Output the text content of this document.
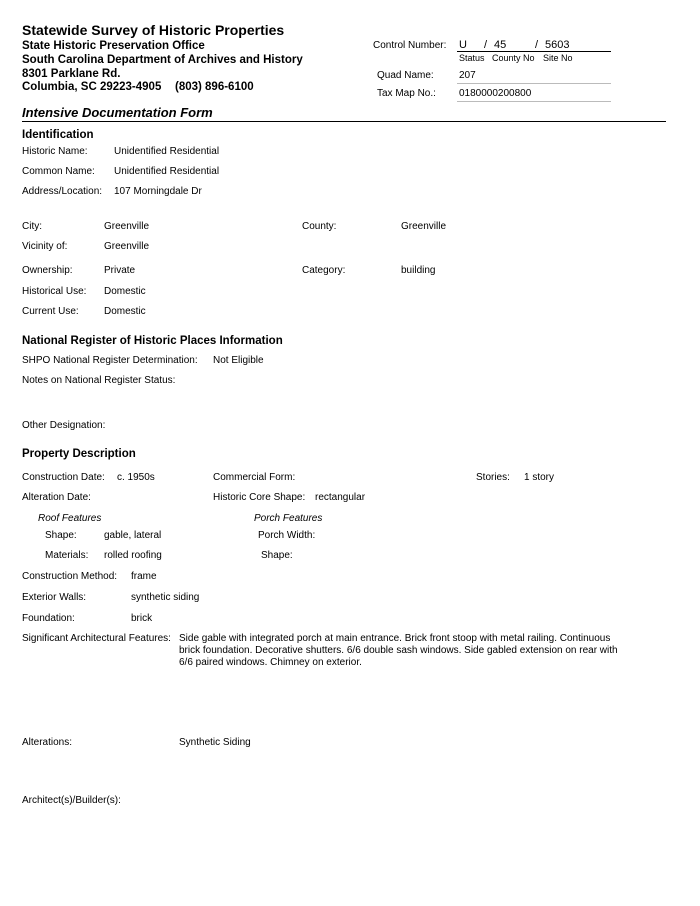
Statewide Survey of Historic Properties
State Historic Preservation Office
South Carolina Department of Archives and History
8301 Parklane Rd.
Columbia, SC 29223-4905 (803) 896-6100
Control Number: U / 45	/ 5603
Status County No Site No
Quad Name:	207
Tax Map No.: 0180000200800
Intensive Documentation Form
Identification
Historic Name:	Unidentified Residential
Common Name: Unidentified Residential
Address/Location: 107 Morningdale Dr
City:	Greenville	County:	Greenville
Vicinity of:	Greenville
Ownership:	Private	Category:	building
Historical Use: Domestic
Current Use:	Domestic
National Register of Historic Places Information
SHPO National Register Determination: Not Eligible
Notes on National Register Status:
Other Designation:
Property Description
Construction Date: c. 1950s	Commercial Form:	Stories: 1 story
Alteration Date:	Historic Core Shape: rectangular
Roof Features	Porch Features
Shape:	gable, lateral	Porch Width:
Materials: rolled roofing	Shape:
Construction Method: frame
Exterior Walls:	synthetic siding
Foundation:	brick
Significant Architectural Features: Side gable with integrated porch at main entrance. Brick front stoop with metal railing. Continuous brick foundation. Decorative shutters. 6/6 double sash windows. Side gabled extension on rear with 6/6 paired windows. Chimney on exterior.
Alterations:	Synthetic Siding
Architect(s)/Builder(s):
